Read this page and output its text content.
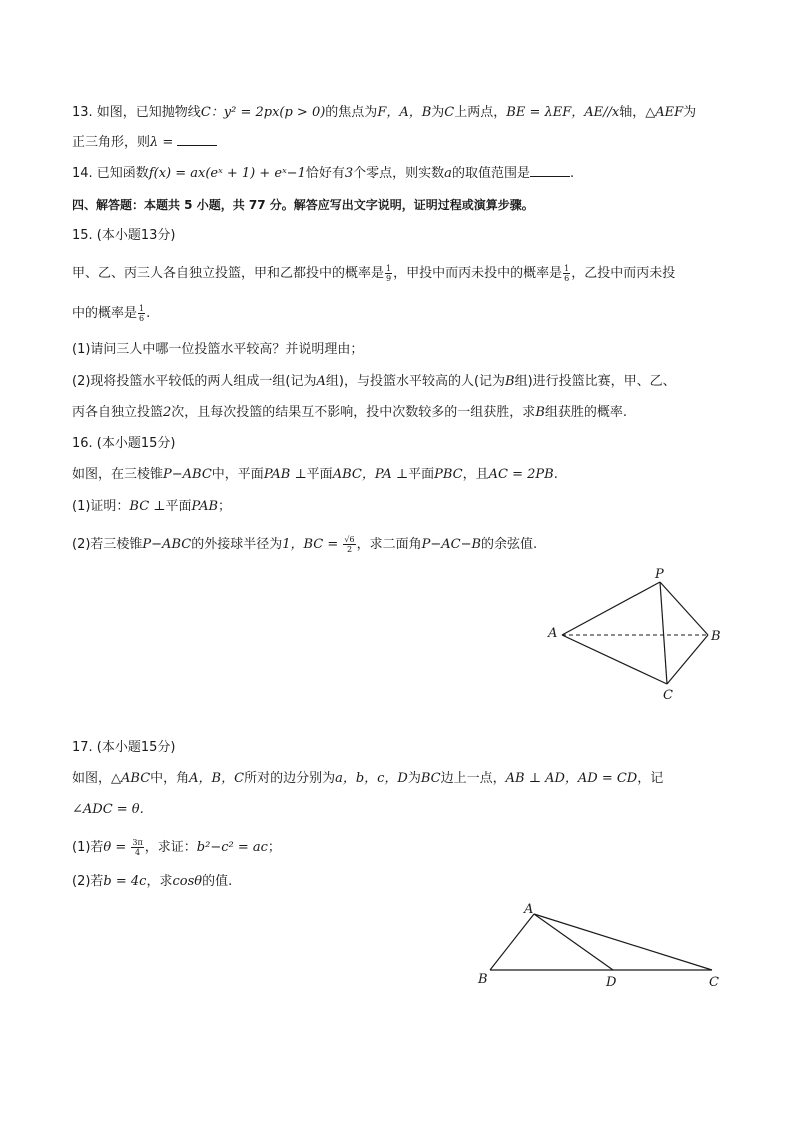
13. 如图，已知抛物线C：y² = 2px(p > 0)的焦点为F，A，B为C上两点，BE = λEF，AE//x轴，△AEF为
正三角形，则λ =
14. 已知函数f(x) = ax(eˣ + 1) + eˣ−1恰好有3个零点，则实数a的取值范围是	.
四、解答题：本题共 5 小题，共 77 分。解答应写出文字说明，证明过程或演算步骤。
15. (本小题13分)
甲、乙、丙三人各自独立投篮，甲和乙都投中的概率是 $\frac{1}{9}$ ，甲投中而丙未投中的概率是 $\frac{1}{6}$ ，乙投中而丙未投
中的概率是 $\frac{1}{6}$ .
(1)请问三人中哪一位投篮水平较高？并说明理由；
(2)现将投篮水平较低的两人组成一组(记为A组)，与投篮水平较高的人(记为B组)进行投篮比赛，甲、乙、
丙各自独立投篮2次，且每次投篮的结果互不影响，投中次数较多的一组获胜，求B组获胜的概率.
16. (本小题15分)
如图，在三棱锥P−ABC中，平面PAB ⊥平面ABC，PA ⊥平面PBC，且AC = 2PB.
(1)证明：BC ⊥平面PAB；
(2)若三棱锥P−ABC的外接球半径为1，BC = $\frac{√6}{2}$ ，求二面角P−AC−B的余弦值.
P
A	B
C
17. (本小题15分)
如图，△ABC中，角A，B，C所对的边分别为a，b，c，D为BC边上一点，AB ⊥ AD，AD = CD，记
∠ADC = θ.
(1)若$\theta = \frac{3\pi}{4}$ ，求证：b²−c² = ac；
(2)若b = 4c，求cosθ的值.
A
B	D	C
